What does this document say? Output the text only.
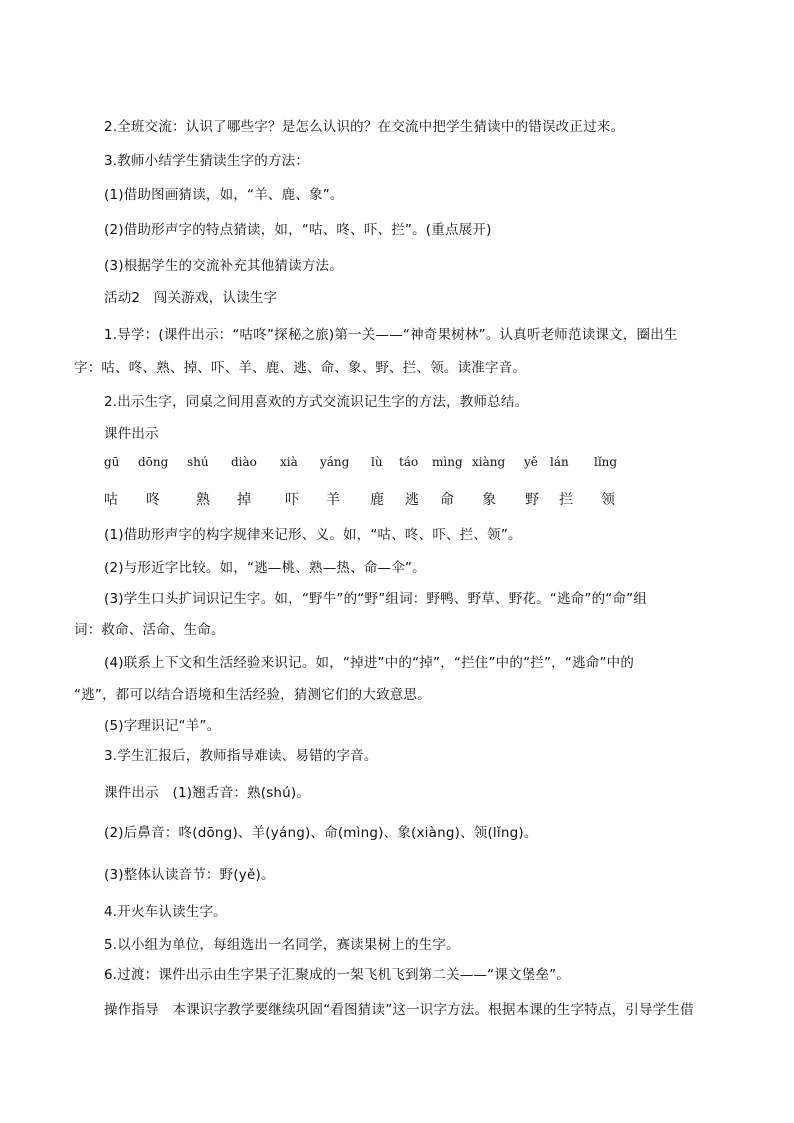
2.全班交流：认识了哪些字？是怎么认识的？在交流中把学生猜读中的错误改正过来。
3.教师小结学生猜读生字的方法：
(1)借助图画猜读，如，“羊、鹿、象”。
(2)借助形声字的特点猜读，如，“咕、咚、吓、拦”。(重点展开)
(3)根据学生的交流补充其他猜读方法。
活动2　闯关游戏，认读生字
1.导学：(课件出示：“咕咚”探秘之旅)第一关——“神奇果树林”。认真听老师范读课文，圈出生
字：咕、咚、熟、掉、吓、羊、鹿、逃、命、象、野、拦、领。读准字音。
2.出示生字，同桌之间用喜欢的方式交流识记生字的方法，教师总结。
课件出示
gū dōng shú diào xià yáng lù táo mìng xiàng yě lán lǐng
咕 咚	熟 掉 吓 羊 鹿 逃 命 象 野 拦 领
(1)借助形声字的构字规律来记形、义。如，“咕、咚、吓、拦、领”。
(2)与形近字比较。如，“逃—桃、熟—热、命—伞”。
(3)学生口头扩词识记生字。如，“野牛”的“野”组词：野鸭、野草、野花。“逃命”的“命”组
词：救命、活命、生命。
(4)联系上下文和生活经验来识记。如，“掉进”中的“掉”，“拦住”中的“拦”，“逃命”中的
“逃”，都可以结合语境和生活经验，猜测它们的大致意思。
(5)字理识记“羊”。
3.学生汇报后，教师指导难读、易错的字音。
课件出示　(1)翘舌音：熟(shú)。
(2)后鼻音：咚(dōng)、羊(yáng)、命(mìng)、象(xiàng)、领(lǐng)。
(3)整体认读音节：野(yě)。
4.开火车认读生字。
5.以小组为单位，每组选出一名同学，赛读果树上的生字。
6.过渡：课件出示由生字果子汇聚成的一架飞机飞到第二关——“课文堡垒”。
操作指导　本课识字教学要继续巩固“看图猜读”这一识字方法。根据本课的生字特点，引导学生借
